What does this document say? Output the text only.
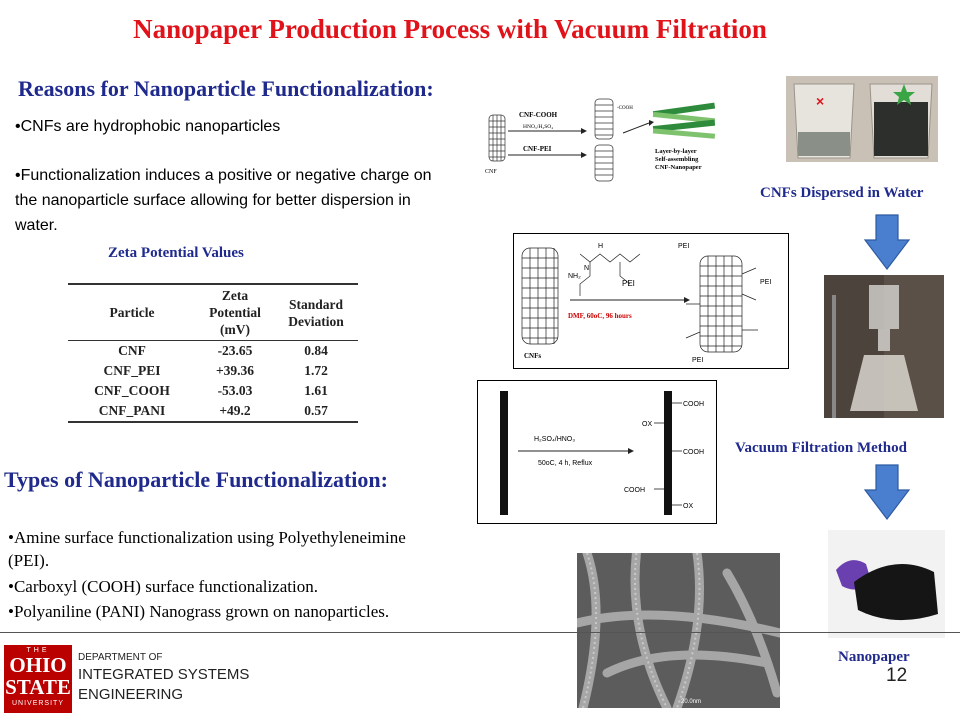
Nanopaper Production Process with Vacuum Filtration
Reasons for Nanoparticle Functionalization:
•CNFs are hydrophobic nanoparticles
•Functionalization induces a positive or negative charge on
the nanoparticle surface allowing for better dispersion in
water.
Zeta Potential Values
Particle	Zeta Potential (mV)	Standard Deviation
CNF	-23.65	0.84
CNF_PEI	+39.36	1.72
CNF_COOH	-53.03	1.61
CNF_PANI	+49.2	0.57
Types of Nanoparticle Functionalization:
•Amine surface functionalization using Polyethyleneimine
(PEI).
•Carboxyl (COOH) surface functionalization.
•Polyaniline (PANI) Nanograss grown on nanoparticles.
CNF-COOH
HNO₃/H₂SO₄
CNF-PEI
CNF
-COOH
Layer-by-layer
Self-assembling
CNF-Nanopaper
PEI
DMF, 60oC, 96 hours
CNFs
NH₂
H
N
PEI
PEI
PEI
H₂SO₄/HNO₃
50oC, 4 h, Reflux
COOH
OX
COOH
COOH
OX
×
CNFs Dispersed in Water
Vacuum Filtration Method
Nanopaper
20.0nm
THE
OHIO
STATE
UNIVERSITY
DEPARTMENT OF
INTEGRATED SYSTEMS
ENGINEERING
12
